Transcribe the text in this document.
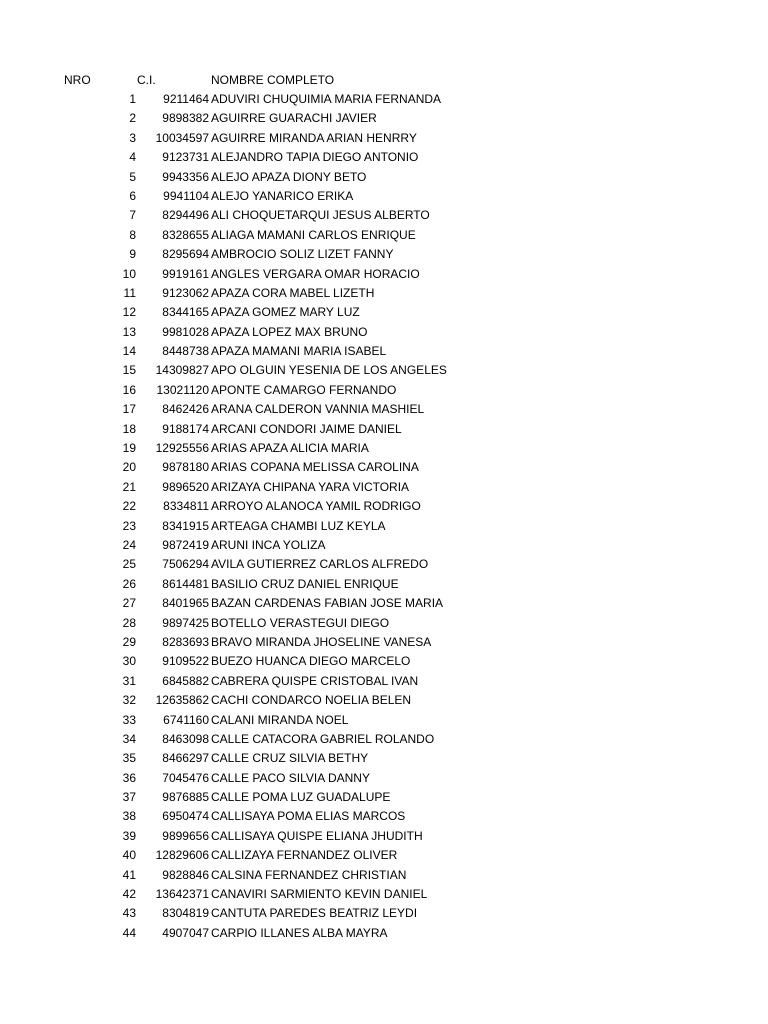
NRO	C.I.	NOMBRE COMPLETO
1 9211464 ADUVIRI CHUQUIMIA MARIA FERNANDA
2 9898382 AGUIRRE GUARACHI JAVIER
3 10034597 AGUIRRE MIRANDA ARIAN HENRRY
4 9123731 ALEJANDRO TAPIA DIEGO ANTONIO
5 9943356 ALEJO APAZA DIONY BETO
6 9941104 ALEJO YANARICO ERIKA
7 8294496 ALI CHOQUETARQUI JESUS ALBERTO
8 8328655 ALIAGA MAMANI CARLOS ENRIQUE
9 8295694 AMBROCIO SOLIZ LIZET FANNY
10 9919161 ANGLES VERGARA OMAR HORACIO
11 9123062 APAZA CORA MABEL LIZETH
12 8344165 APAZA GOMEZ MARY LUZ
13 9981028 APAZA LOPEZ MAX BRUNO
14 8448738 APAZA MAMANI MARIA ISABEL
15 14309827 APO OLGUIN YESENIA DE LOS ANGELES
16 13021120 APONTE CAMARGO FERNANDO
17 8462426 ARANA CALDERON VANNIA MASHIEL
18 9188174 ARCANI CONDORI JAIME DANIEL
19 12925556 ARIAS APAZA ALICIA MARIA
20 9878180 ARIAS COPANA MELISSA CAROLINA
21 9896520 ARIZAYA CHIPANA YARA VICTORIA
22 8334811 ARROYO ALANOCA YAMIL RODRIGO
23 8341915 ARTEAGA CHAMBI LUZ KEYLA
24 9872419 ARUNI INCA YOLIZA
25 7506294 AVILA GUTIERREZ CARLOS ALFREDO
26 8614481 BASILIO CRUZ DANIEL ENRIQUE
27 8401965 BAZAN CARDENAS FABIAN JOSE MARIA
28 9897425 BOTELLO VERASTEGUI DIEGO
29 8283693 BRAVO MIRANDA JHOSELINE VANESA
30 9109522 BUEZO HUANCA DIEGO MARCELO
31 6845882 CABRERA QUISPE CRISTOBAL IVAN
32 12635862 CACHI CONDARCO NOELIA BELEN
33 6741160 CALANI MIRANDA NOEL
34 8463098 CALLE CATACORA GABRIEL ROLANDO
35 8466297 CALLE CRUZ SILVIA BETHY
36 7045476 CALLE PACO SILVIA DANNY
37 9876885 CALLE POMA LUZ GUADALUPE
38 6950474 CALLISAYA POMA ELIAS MARCOS
39 9899656 CALLISAYA QUISPE ELIANA JHUDITH
40 12829606 CALLIZAYA FERNANDEZ OLIVER
41 9828846 CALSINA FERNANDEZ CHRISTIAN
42 13642371 CANAVIRI SARMIENTO KEVIN DANIEL
43 8304819 CANTUTA PAREDES BEATRIZ LEYDI
44 4907047 CARPIO ILLANES ALBA MAYRA
